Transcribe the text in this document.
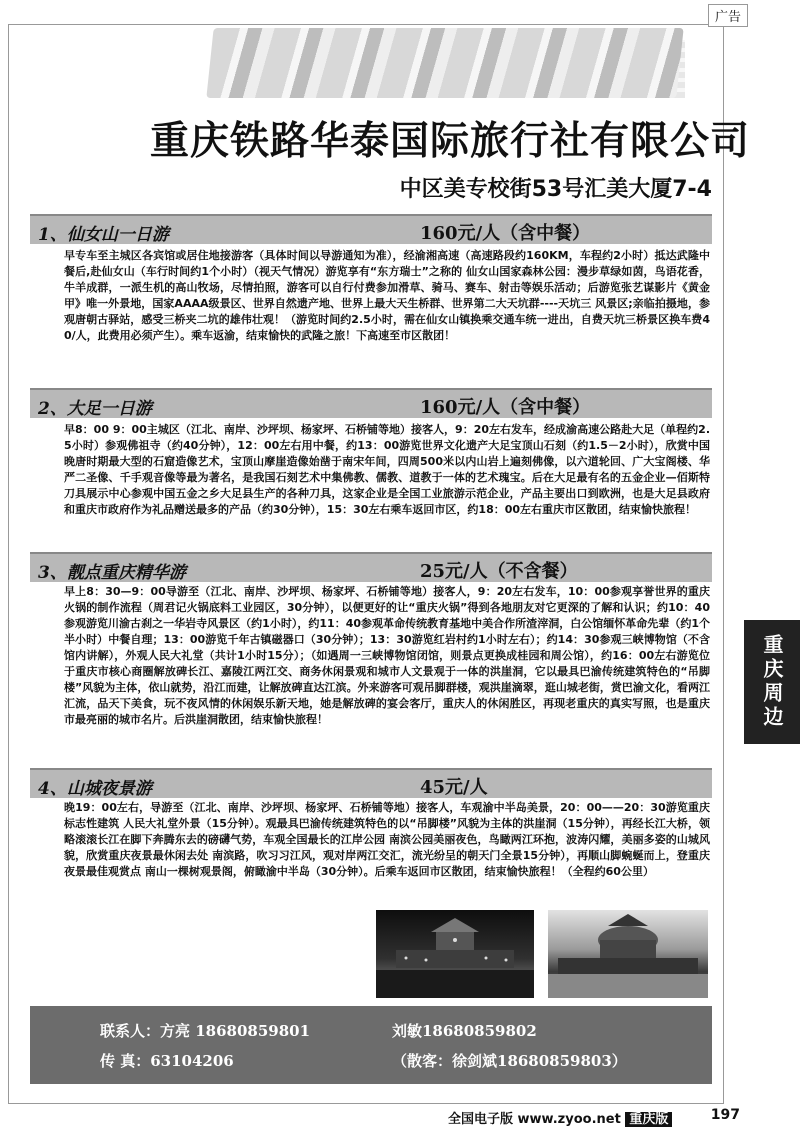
广告
重庆铁路华泰国际旅行社有限公司
中区美专校街53号汇美大厦7-4
1、仙女山一日游	160元/人（含中餐）
早专车至主城区各宾馆或居住地接游客（具体时间以导游通知为准），经渝湘高速（高速路段约160KM，车程约2小时）抵达武隆中餐后,赴仙女山（车行时间约1个小时）（视天气情况）游览享有“东方瑞士”之称的 仙女山国家森林公园：漫步草绿如茵，鸟语花香，牛羊成群，一派生机的高山牧场，尽情拍照，游客可以自行付费参加滑草、骑马、赛车、射击等娱乐活动；后游览张艺谋影片《黄金甲》唯一外景地，国家AAAA级景区、世界自然遗产地、世界上最大天生桥群、世界第二大天坑群----天坑三 风景区;亲临拍摄地，参观唐朝古驿站，感受三桥夹二坑的雄伟壮观！（游览时间约2.5小时，需在仙女山镇换乘交通车统一进出，自费天坑三桥景区换车费40/人，此费用必须产生）。乘车返渝，结束愉快的武隆之旅！下高速至市区散团！
2、大足一日游	160元/人（含中餐）
早8：00 9：00主城区（江北、南岸、沙坪坝、杨家坪、石桥铺等地）接客人，9：20左右发车，经成渝高速公路赴大足（单程约2.5小时）参观佛祖寺（约40分钟），12：00左右用中餐，约13：00游览世界文化遗产大足宝顶山石刻（约1.5－2小时），欣赏中国晚唐时期最大型的石窟造像艺术，宝顶山摩崖造像始凿于南宋年间，四周500米以内山岩上遍刻佛像，以六道轮回、广大宝阁楼、华严二圣像、千手观音像等最为著名，是我国石刻艺术中集佛教、儒教、道教于一体的艺术瑰宝。后在大足最有名的五金企业—佰斯特刀具展示中心参观中国五金之乡大足县生产的各种刀具，这家企业是全国工业旅游示范企业，产品主要出口到欧洲，也是大足县政府和重庆市政府作为礼品赠送最多的产品（约30分钟），15：30左右乘车返回市区，约18：00左右重庆市区散团，结束愉快旅程！
3、靓点重庆精华游	25元/人（不含餐）
早上8：30—9：00导游至（江北、南岸、沙坪坝、杨家坪、石桥铺等地）接客人，9：20左右发车，10：00参观享誉世界的重庆火锅的制作流程（周君记火锅底料工业园区，30分钟），以便更好的让“重庆火锅”得到各地朋友对它更深的了解和认识；约10：40参观游览川渝古刹之一华岩寺风景区（约1小时），约11：40参观革命传统教育基地中美合作所渣滓洞，白公馆缅怀革命先辈（约1个半小时）中餐自理；13：00游览千年古镇磁器口（30分钟）；13：30游览红岩村约1小时左右）；约14：30参观三峡博物馆（不含馆内讲解），外观人民大礼堂（共计1小时15分）；（如遇周一三峡博物馆闭馆，则景点更换成桂园和周公馆），约16：00左右游览位于重庆市核心商圈解放碑长江、嘉陵江两江交、商务休闲景观和城市人文景观于一体的洪崖洞，它以最具巴渝传统建筑特色的“吊脚楼”风貌为主体，依山就势，沿江而建，让解放碑直达江滨。外来游客可观吊脚群楼，观洪崖滴翠，逛山城老街，赏巴渝文化，看两江汇流，品天下美食，玩不夜风情的休闲娱乐新天地，她是解放碑的宴会客厅，重庆人的休闲胜区，再现老重庆的真实写照，也是重庆市最亮丽的城市名片。后洪崖洞散团，结束愉快旅程！
4、山城夜景游	45元/人
晚19：00左右，导游至（江北、南岸、沙坪坝、杨家坪、石桥铺等地）接客人，车观渝中半岛美景，20：00——20：30游览重庆标志性建筑 人民大礼堂外景（15分钟）。观最具巴渝传统建筑特色的以“吊脚楼”风貌为主体的洪崖洞（15分钟），再经长江大桥，领略滚滚长江在脚下奔腾东去的磅礴气势，车观全国最长的江岸公园 南滨公园美丽夜色，鸟瞰两江环抱，波涛闪耀，美丽多姿的山城风貌，欣赏重庆夜景最休闲去处 南滨路，吹习习江风，观对岸两江交汇，流光纷呈的朝天门全景15分钟），再顺山脚蜿蜒而上，登重庆夜景最佳观赏点 南山一棵树观景阁，俯瞰渝中半岛（30分钟）。后乘车返回市区散团，结束愉快旅程！（全程约60公里）
重庆周边
联系人：方亮 18680859801	刘敏18680859802
传 真：63104206	（散客：徐剑斌18680859803）
全国电子版 www.zyoo.net 重庆版	197
